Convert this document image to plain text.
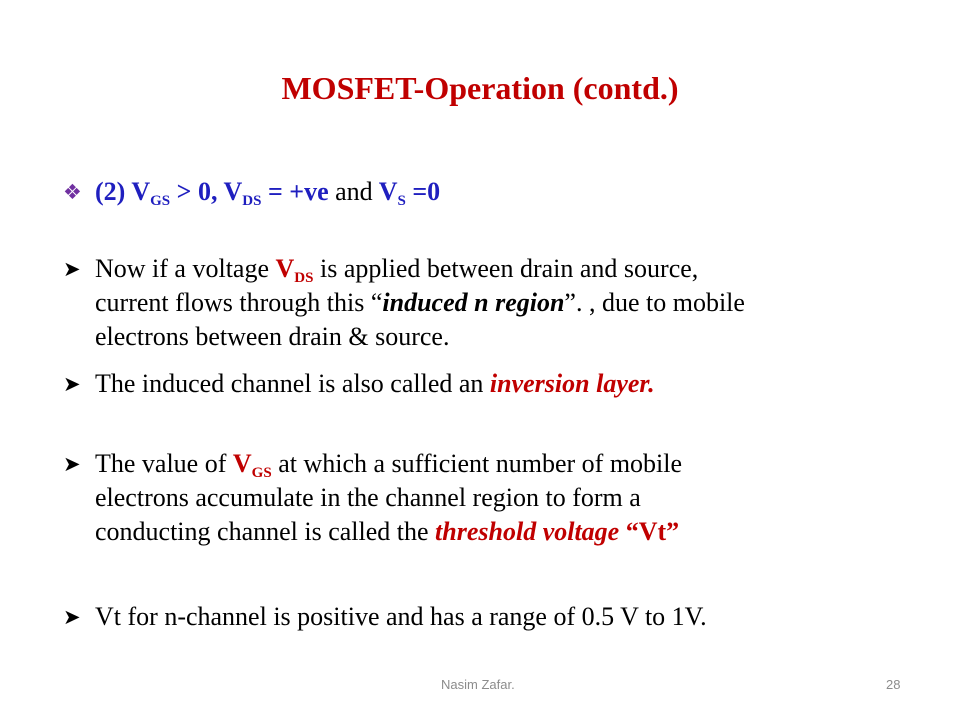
MOSFET-Operation (contd.)
❖ (2) $V_{GS} > 0$, $V_{DS} = +ve$ and $V_S =0$
➤ Now if a voltage $V_{DS}$ is applied between drain and source,
current flows through this “induced n region”. , due to mobile
electrons between drain & source.
➤ The induced channel is also called an inversion layer.
➤ The value of $V_{GS}$ at which a sufficient number of mobile
electrons accumulate in the channel region to form a
conducting channel is called the threshold voltage “Vt”
➤ Vt for n-channel is positive and has a range of 0.5 V to 1V.
Nasim Zafar.	28
